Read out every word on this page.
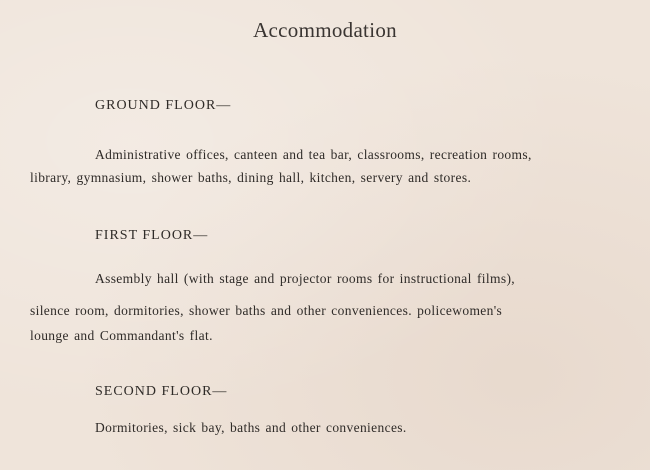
Accommodation
GROUND FLOOR—
Administrative offices, canteen and tea bar, classrooms, recreation rooms,
library, gymnasium, shower baths, dining hall, kitchen, servery and stores.
FIRST FLOOR—
Assembly hall (with stage and projector rooms for instructional films),
silence room, dormitories, shower baths and other conveniences. policewomen's
lounge and Commandant's flat.
SECOND FLOOR—
Dormitories, sick bay, baths and other conveniences.
